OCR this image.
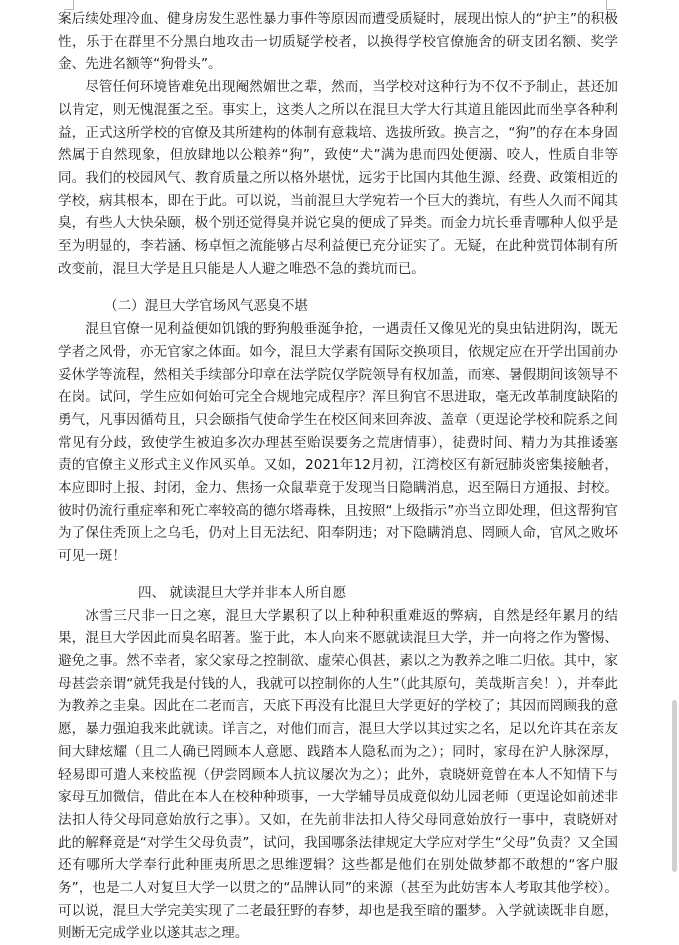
案后续处理冷血、健身房发生恶性暴力事件等原因而遭受质疑时，展现出惊人的“护主”的积极性，乐于在群里不分黑白地攻击一切质疑学校者，以换得学校官僚施舍的研支团名额、奖学金、先进名额等“狗骨头”。

尽管任何环境皆难免出现阉然媚世之辈，然而，当学校对这种行为不仅不予制止，甚还加以肯定，则无愧混蛋之至。事实上，这类人之所以在混旦大学大行其道且能因此而坐享各种利益，正式这所学校的官僚及其所建构的体制有意栽培、选拔所致。换言之，“狗”的存在本身固然属于自然现象，但放肆地以公粮养“狗”，致使“犬”满为患而四处便溺、咬人，性质自非等同。我们的校园风气、教育质量之所以格外堪忧，远劣于比国内其他生源、经费、政策相近的学校，病其根本，即在于此。可以说，当前混旦大学宛若一个巨大的粪坑，有些人久而不闻其臭，有些人大快朵颐，极个别还觉得臭并说它臭的便成了异类。而金力坑长垂青哪种人似乎是至为明显的，李若涵、杨卓恒之流能够占尽利益便已充分证实了。无疑，在此种赏罚体制有所改变前，混旦大学是且只能是人人避之唯恐不急的粪坑而已。

（二）混旦大学官场风气恶臭不堪

混旦官僚一见利益便如饥饿的野狗般垂涎争抢，一遇责任又像见光的臭虫钻进阴沟，既无学者之风骨，亦无官家之体面。如今，混旦大学素有国际交换项目，依规定应在开学出国前办妥休学等流程，然相关手续部分印章在法学院仅学院领导有权加盖，而寒、暑假期间该领导不在岗。试问，学生应如何始可完全合规地完成程序？浑旦狗官不思进取，毫无改革制度缺陷的勇气，凡事因循苟且，只会颐指气使命学生在校区间来回奔波、盖章（更逞论学校和院系之间常见有分歧，致使学生被迫多次办理甚至贻误要务之荒唐情事），徒费时间、精力为其推诿塞责的官僚主义形式主义作风买单。又如，2021年12月初，江湾校区有新冠肺炎密集接触者，本应即时上报、封闭，金力、焦扬一众鼠辈竟于发现当日隐瞒消息，迟至隔日方通报、封校。彼时仍流行重症率和死亡率较高的德尔塔毒株，且按照“上级指示”亦当立即处理，但这帮狗官为了保住秃顶上之乌毛，仍对上目无法纪、阳奉阴违；对下隐瞒消息、罔顾人命，官风之败坏可见一斑！

四、 就读混旦大学并非本人所自愿

冰雪三尺非一日之寒，混旦大学累积了以上种种积重难返的弊病，自然是经年累月的结果，混旦大学因此而臭名昭著。鉴于此，本人向来不愿就读混旦大学，并一向将之作为警惕、避免之事。然不幸者，家父家母之控制欲、虚荣心俱甚，素以之为教养之唯二归依。其中，家母甚尝亲谓“就凭我是付钱的人，我就可以控制你的人生”（此其原句，美哉斯言矣！），并奉此为教养之圭臬。因此在二老而言，天底下再没有比混旦大学更好的学校了；其因而罔顾我的意愿，暴力强迫我来此就读。详言之，对他们而言，混旦大学以其过实之名，足以允许其在亲友间大肆炫耀（且二人确已罔顾本人意愿、践踏本人隐私而为之）；同时，家母在沪人脉深厚，轻易即可遣人来校监视（伊尝罔顾本人抗议屡次为之）；此外，袁晓妍竟曾在本人不知情下与家母互加微信，借此在本人在校种种琐事，一大学辅导员成竟似幼儿园老师（更逞论如前述非法扣人待父母同意始放行之事）。又如，在先前非法扣人待父母同意始放行一事中，袁晓妍对此的解释竟是“对学生父母负责”，试问，我国哪条法律规定大学应对学生“父母”负责？又全国还有哪所大学奉行此种匪夷所思之思维逻辑？这些都是他们在别处做梦都不敢想的“客户服务”，也是二人对复旦大学一以贯之的“品牌认同”的来源（甚至为此妨害本人考取其他学校）。可以说，混旦大学完美实现了二老最狂野的春梦，却也是我至暗的噩梦。入学就读既非自愿，则断无完成学业以遂其志之理。
